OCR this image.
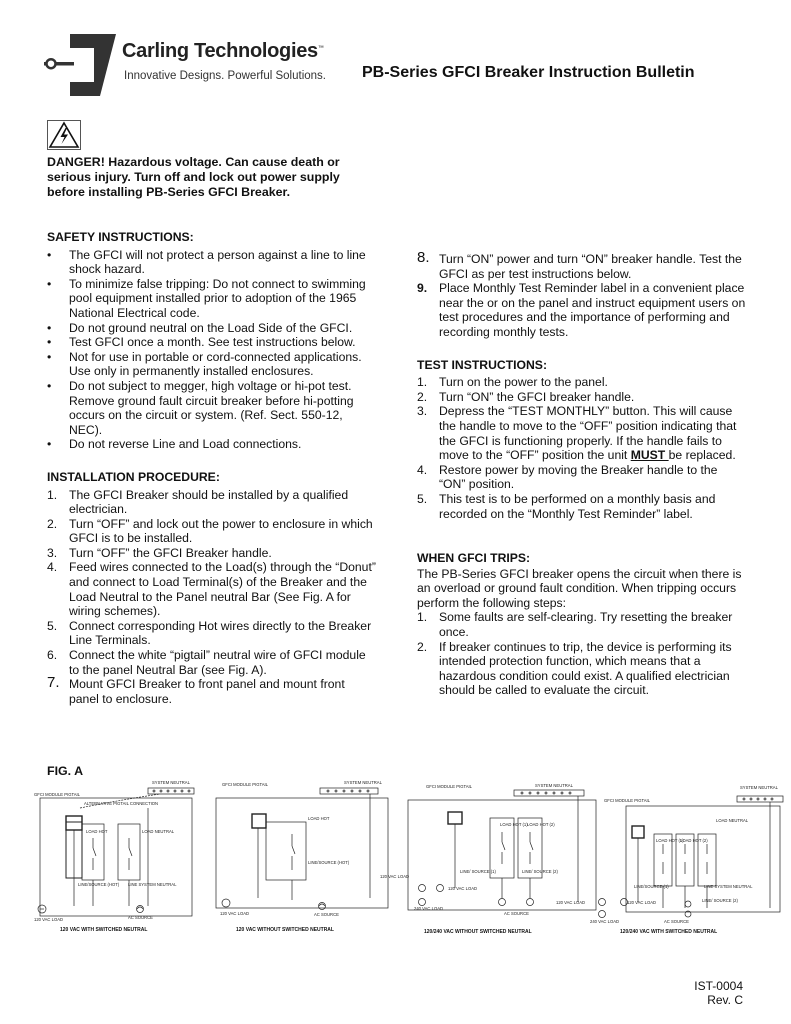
Carling Technologies™
Innovative Designs. Powerful Solutions. PB-Series GFCI Breaker Instruction Bulletin
DANGER! Hazardous voltage. Can cause death or serious injury. Turn off and lock out power supply before installing PB-Series GFCI Breaker.
SAFETY INSTRUCTIONS:
• The GFCI will not protect a person against a line to line shock hazard.
• To minimize false tripping: Do not connect to swimming pool equipment installed prior to adoption of the 1965 National Electrical code.
• Do not ground neutral on the Load Side of the GFCI.
• Test GFCI once a month. See test instructions below.
• Not for use in portable or cord-connected applications. Use only in permanently installed enclosures.
• Do not subject to megger, high voltage or hi-pot test. Remove ground fault circuit breaker before hi-potting occurs on the circuit or system. (Ref. Sect. 550-12, NEC).
• Do not reverse Line and Load connections.
INSTALLATION PROCEDURE:
1. The GFCI Breaker should be installed by a qualified electrician.
2. Turn “OFF” and lock out the power to enclosure in which GFCI is to be installed.
3. Turn “OFF” the GFCI Breaker handle.
4. Feed wires connected to the Load(s) through the “Donut” and connect to Load Terminal(s) of the Breaker and the Load Neutral to the Panel neutral Bar (See Fig. A for wiring schemes).
5. Connect corresponding Hot wires directly to the Breaker Line Terminals.
6. Connect the white “pigtail” neutral wire of GFCI module to the panel Neutral Bar (see Fig. A).
7. Mount GFCI Breaker to front panel and mount front panel to enclosure.
8. Turn “ON” power and turn “ON” breaker handle. Test the GFCI as per test instructions below.
9. Place Monthly Test Reminder label in a convenient place near the or on the panel and instruct equipment users on test procedures and the importance of performing and recording monthly tests.
TEST INSTRUCTIONS:
1. Turn on the power to the panel.
2. Turn “ON” the GFCI breaker handle.
3. Depress the “TEST MONTHLY” button. This will cause the handle to move to the “OFF” position indicating that the GFCI is functioning properly. If the handle fails to move to the “OFF” position the unit MUST be replaced.
4. Restore power by moving the Breaker handle to the “ON” position.
5. This test is to be performed on a monthly basis and recorded on the “Monthly Test Reminder” label.
WHEN GFCI TRIPS:

The PB-Series GFCI breaker opens the circuit when there is an overload or ground fault condition. When tripping occurs perform the following steps:

1. Some faults are self-clearing. Try resetting the breaker once.
2. If breaker continues to trip, the device is performing its intended protection function, which means that a hazardous condition could exist. A qualified electrician should be called to evaluate the circuit.
FIG. A
SYSTEM NEUTRAL
GFCI MODULE PIGTAIL
ALTERNATIVE PIGTAIL CONNECTION
LOAD HOT	LOAD NEUTRAL
LINE/SOURCE (HOT) LINE SYSTEM NEUTRAL
120 VAC LOAD	AC SOURCE
120 VAC WITH SWITCHED NEUTRAL
SYSTEM NEUTRAL
GFCI MODULE PIGTAIL
LOAD HOT
LINE/SOURCE (HOT)
120 VAC LOAD	AC SOURCE
120 VAC WITHOUT SWITCHED NEUTRAL
SYSTEM NEUTRAL
GFCI MODULE PIGTAIL
LOAD HOT (1) LOAD HOT (2)
LINE/ SOURCE (1)	LINE/ SOURCE (2)
120 VAC LOAD
120 VAC LOAD
240 VAC LOAD
AC SOURCE
120/240 VAC WITHOUT SWITCHED NEUTRAL
SYSTEM NEUTRAL
GFCI MODULE PIGTAIL
LOAD NEUTRAL
LOAD HOT (1)
LOAD HOT (2)
LINE/SOURCE (1)	LINE SYSTEM NEUTRAL
LINE/ SOURCE (2)
120 VAC LOAD	120 VAC LOAD
240 VAC LOAD	AC SOURCE
120/240 VAC WITH SWITCHED NEUTRAL
IST-0004
Rev. C
